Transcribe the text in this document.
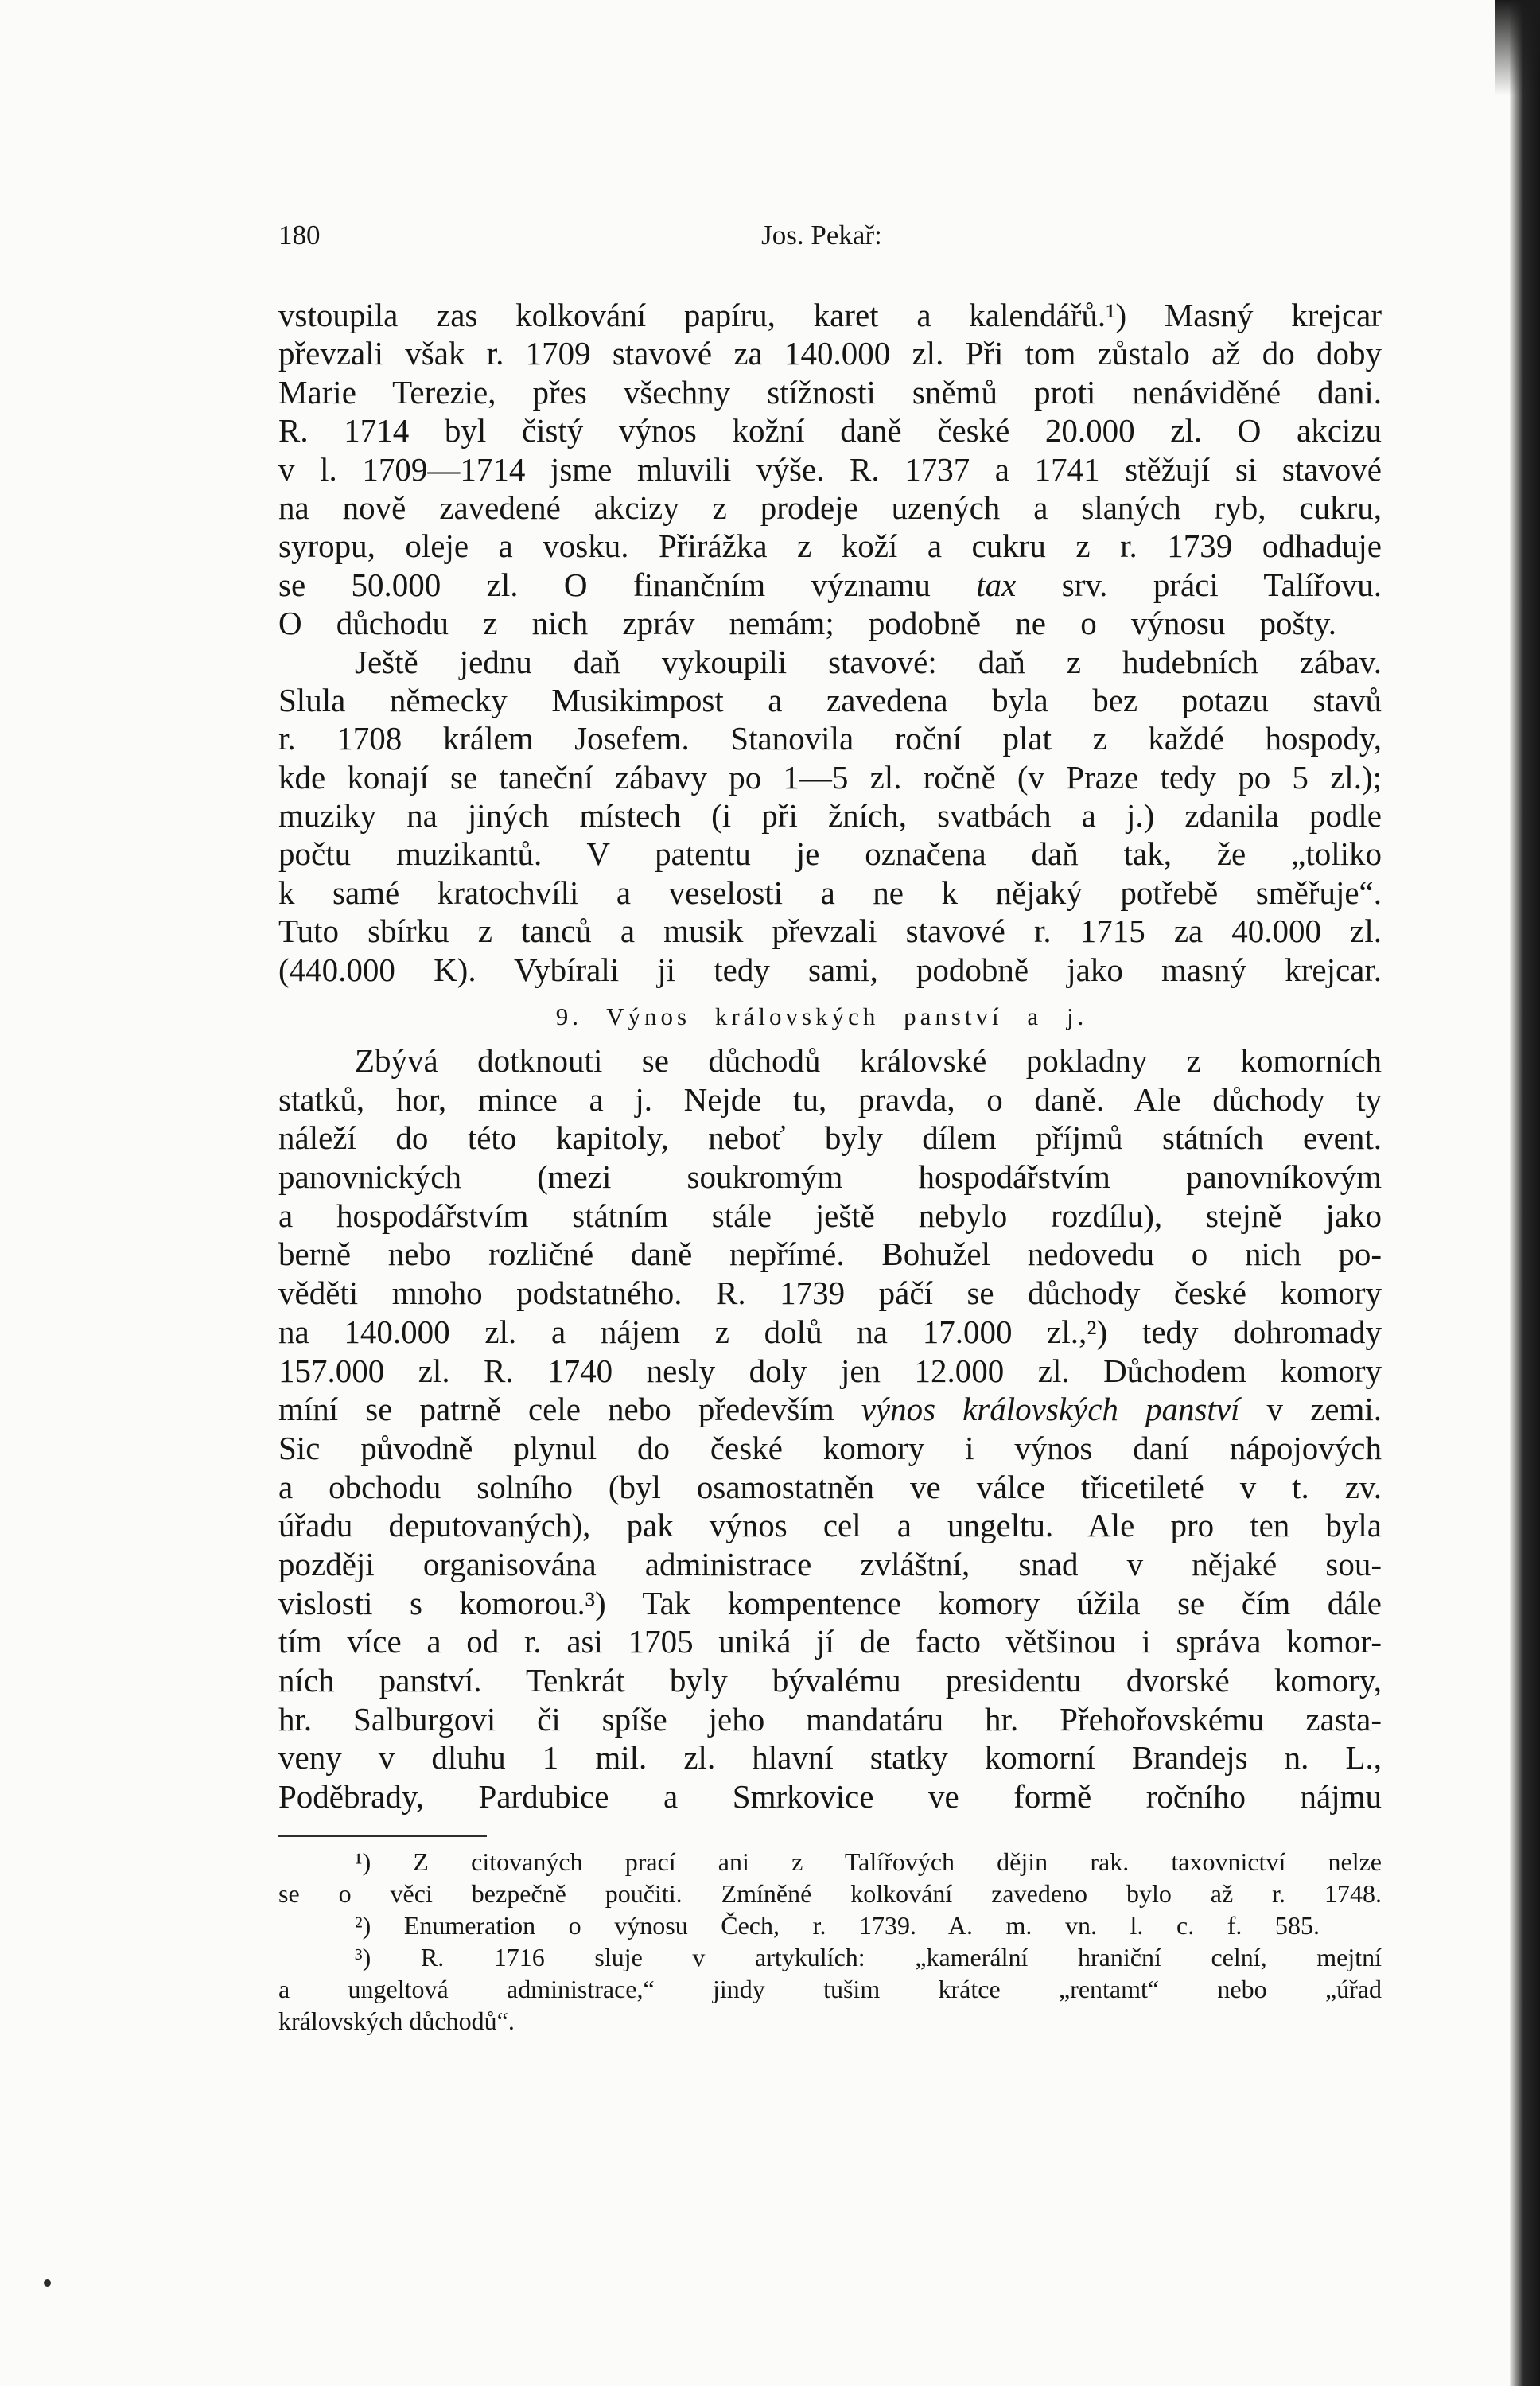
180	Jos. Pekař:
vstoupila zas kolkování papíru, karet a kalendářů.¹) Masný krejcar
převzali však r. 1709 stavové za 140.000 zl. Při tom zůstalo až do doby
Marie Terezie, přes všechny stížnosti sněmů proti nenáviděné dani.
R. 1714 byl čistý výnos kožní daně české 20.000 zl. O akcizu
v l. 1709—1714 jsme mluvili výše. R. 1737 a 1741 stěžují si stavové
na nově zavedené akcizy z prodeje uzených a slaných ryb, cukru,
syropu, oleje a vosku. Přirážka z koží a cukru z r. 1739 odhaduje
se 50.000 zl. O finančním významu tax srv. práci Talířovu.
O důchodu z nich zpráv nemám; podobně ne o výnosu pošty.
Ještě jednu daň vykoupili stavové: daň z hudebních zábav.
Slula německy Musikimpost a zavedena byla bez potazu stavů
r. 1708 králem Josefem. Stanovila roční plat z každé hospody,
kde konají se taneční zábavy po 1—5 zl. ročně (v Praze tedy po 5 zl.);
muziky na jiných místech (i při žních, svatbách a j.) zdanila podle
počtu muzikantů. V patentu je označena daň tak, že „toliko
k samé kratochvíli a veselosti a ne k nějaký potřebě směřuje“.
Tuto sbírku z tanců a musik převzali stavové r. 1715 za 40.000 zl.
(440.000 K). Vybírali ji tedy sami, podobně jako masný krejcar.
9. Výnos královských panství a j.
Zbývá dotknouti se důchodů královské pokladny z komorních
statků, hor, mince a j. Nejde tu, pravda, o daně. Ale důchody ty
náleží do této kapitoly, neboť byly dílem příjmů státních event.
panovnických (mezi soukromým hospodářstvím panovníkovým
a hospodářstvím státním stále ještě nebylo rozdílu), stejně jako
berně nebo rozličné daně nepřímé. Bohužel nedovedu o nich po-
věděti mnoho podstatného. R. 1739 páčí se důchody české komory
na 140.000 zl. a nájem z dolů na 17.000 zl.,²) tedy dohromady
157.000 zl. R. 1740 nesly doly jen 12.000 zl. Důchodem komory
míní se patrně cele nebo především výnos královských panství v zemi.
Sic původně plynul do české komory i výnos daní nápojových
a obchodu solního (byl osamostatněn ve válce třicetileté v t. zv.
úřadu deputovaných), pak výnos cel a ungeltu. Ale pro ten byla
později organisována administrace zvláštní, snad v nějaké sou-
vislosti s komorou.³) Tak kompentence komory úžila se čím dále
tím více a od r. asi 1705 uniká jí de facto většinou i správa komor-
ních panství. Tenkrát byly bývalému presidentu dvorské komory,
hr. Salburgovi či spíše jeho mandatáru hr. Přehořovskému zasta-
veny v dluhu 1 mil. zl. hlavní statky komorní Brandejs n. L.,
Poděbrady, Pardubice a Smrkovice ve formě ročního nájmu
¹) Z citovaných prací ani z Talířových dějin rak. taxovnictví nelze
se o věci bezpečně poučiti. Zmíněné kolkování zavedeno bylo až r. 1748.
²) Enumeration o výnosu Čech, r. 1739. A. m. vn. l. c. f. 585.
³) R. 1716 sluje v artykulích: „kamerální hraniční celní, mejtní
a ungeltová administrace,“ jindy tušim krátce „rentamt“ nebo „úřad
královských důchodů“.
